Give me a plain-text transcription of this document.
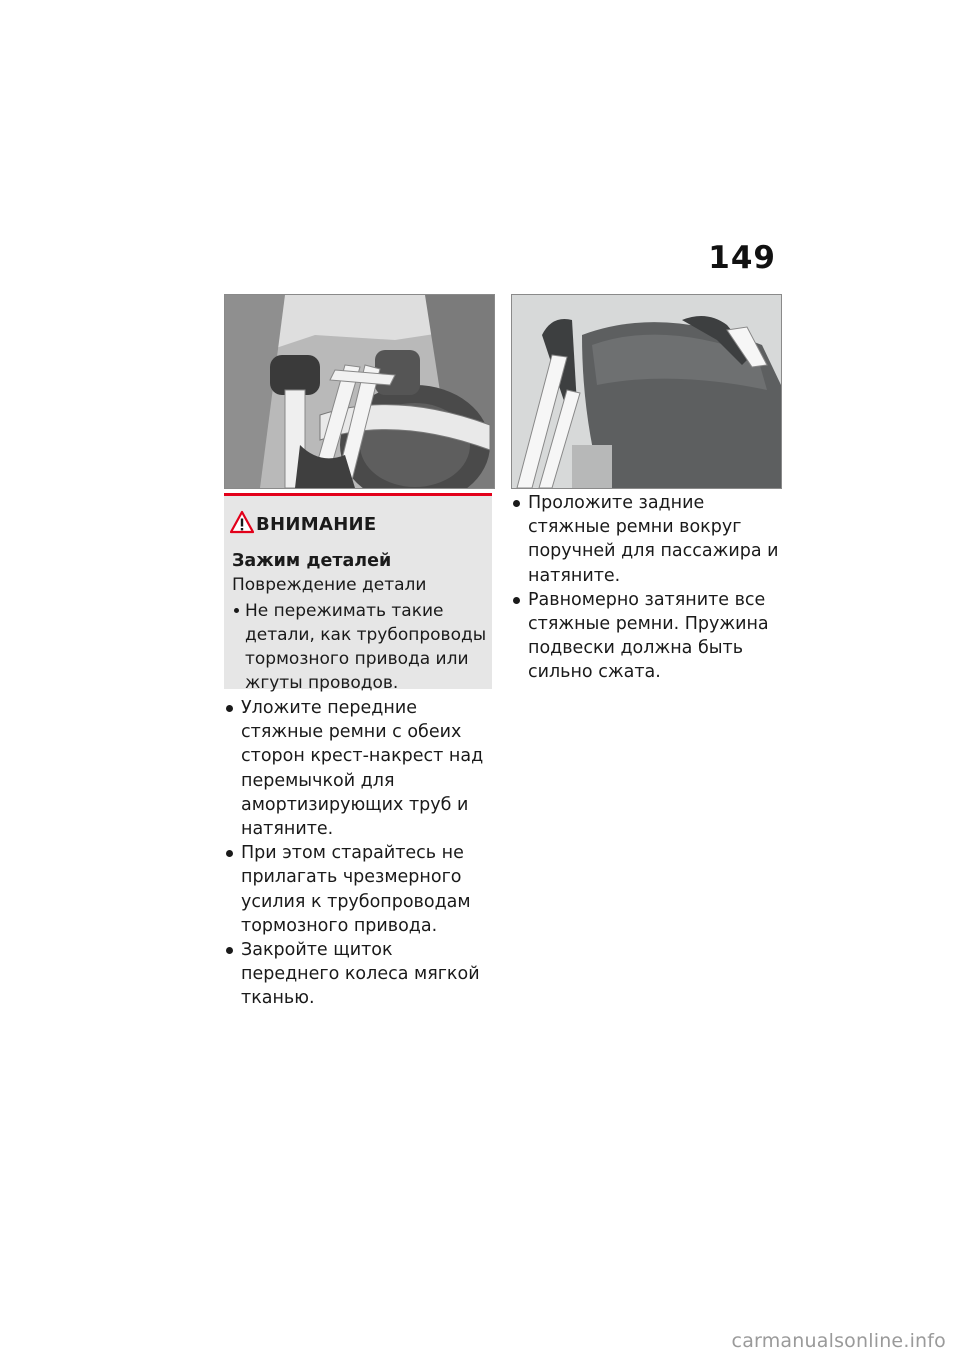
149
ВНИМАНИЕ
Зажим деталей
Повреждение детали
Не пережимать такие детали, как трубопроводы тормозного привода или жгуты проводов.
Уложите передние стяжные ремни с обеих сторон крест-накрест над перемычкой для амортизирующих труб и натяните.
При этом старайтесь не прилагать чрезмерного усилия к трубопроводам тормозного привода.
Закройте щиток переднего колеса мягкой тканью.
Проложите задние стяжные ремни вокруг поручней для пассажира и натяните.
Равномерно затяните все стяжные ремни. Пружина подвески должна быть сильно сжата.
carmanualsonline.info
